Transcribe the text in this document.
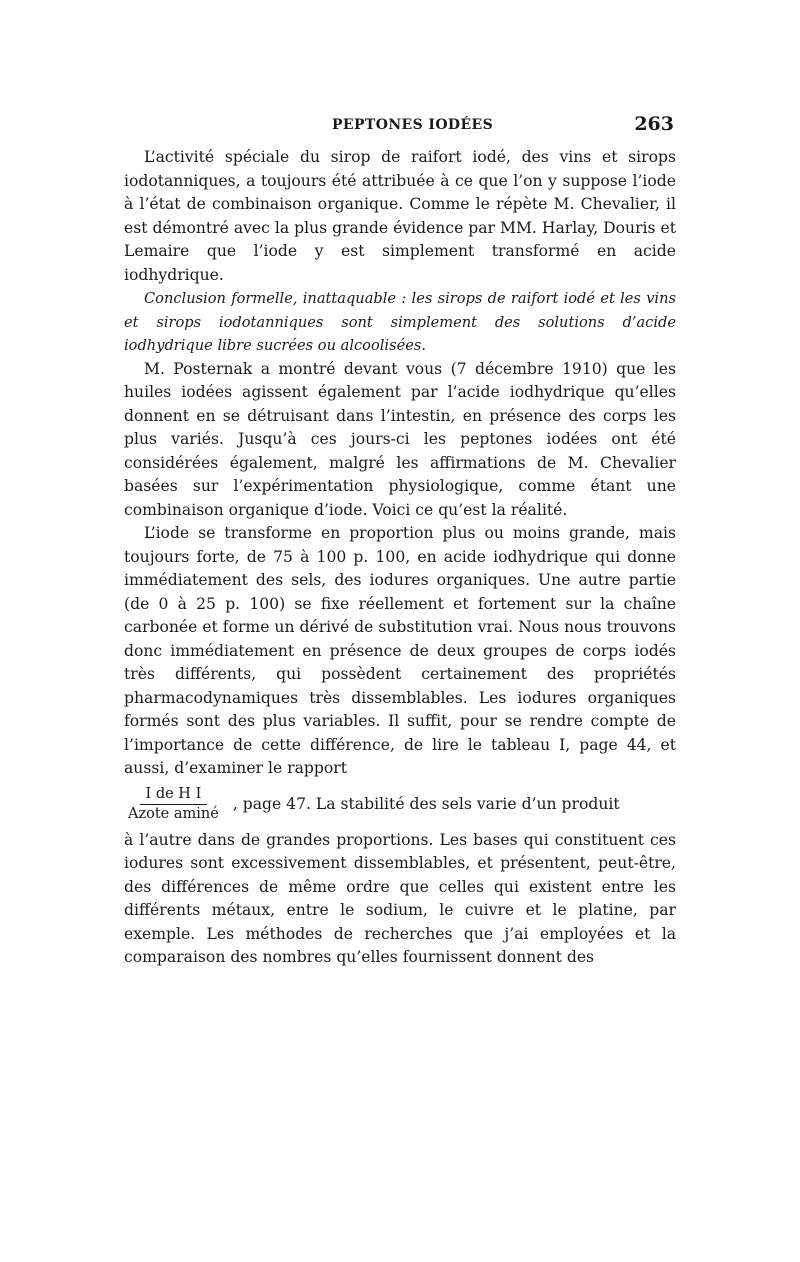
PEPTONES IODÉES	263

L’activité spéciale du sirop de raifort iodé, des vins et sirops iodotanniques, a toujours été attribuée à ce que l’on y suppose l’iode à l’état de combinaison organique. Comme le répète M. Chevalier, il est démontré avec la plus grande évidence par MM. Harlay, Douris et Lemaire que l’iode y est simplement transformé en acide iodhydrique.

Conclusion formelle, inattaquable : les sirops de raifort iodé et les vins et sirops iodotanniques sont simplement des solutions d’acide iodhydrique libre sucrées ou alcoolisées.

M. Posternak a montré devant vous (7 décembre 1910) que les huiles iodées agissent également par l’acide iodhydrique qu’elles donnent en se détruisant dans l’intestin, en présence des corps les plus variés. Jusqu’à ces jours-ci les peptones iodées ont été considérées également, malgré les affirmations de M. Chevalier basées sur l’expérimentation physiologique, comme étant une combinaison organique d’iode. Voici ce qu’est la réalité.

L’iode se transforme en proportion plus ou moins grande, mais toujours forte, de 75 à 100 p. 100, en acide iodhydrique qui donne immédiatement des sels, des iodures organiques. Une autre partie (de 0 à 25 p. 100) se fixe réellement et fortement sur la chaîne carbonée et forme un dérivé de substitution vrai. Nous nous trouvons donc immédiatement en présence de deux groupes de corps iodés très différents, qui possèdent certainement des propriétés pharmacodynamiques très dissemblables. Les iodures organiques formés sont des plus variables. Il suffit, pour se rendre compte de l’importance de cette différence, de lire le tableau I, page 44, et aussi, d’examiner le rapport

$\frac{\text{I de H I}}{\text{Azote aminé}}$ , page 47. La stabilité des sels varie d’un produit

à l’autre dans de grandes proportions. Les bases qui constituent ces iodures sont excessivement dissemblables, et présentent, peut-être, des différences de même ordre que celles qui existent entre les différents métaux, entre le sodium, le cuivre et le platine, par exemple. Les méthodes de recherches que j’ai employées et la comparaison des nombres qu’elles fournissent donnent des
